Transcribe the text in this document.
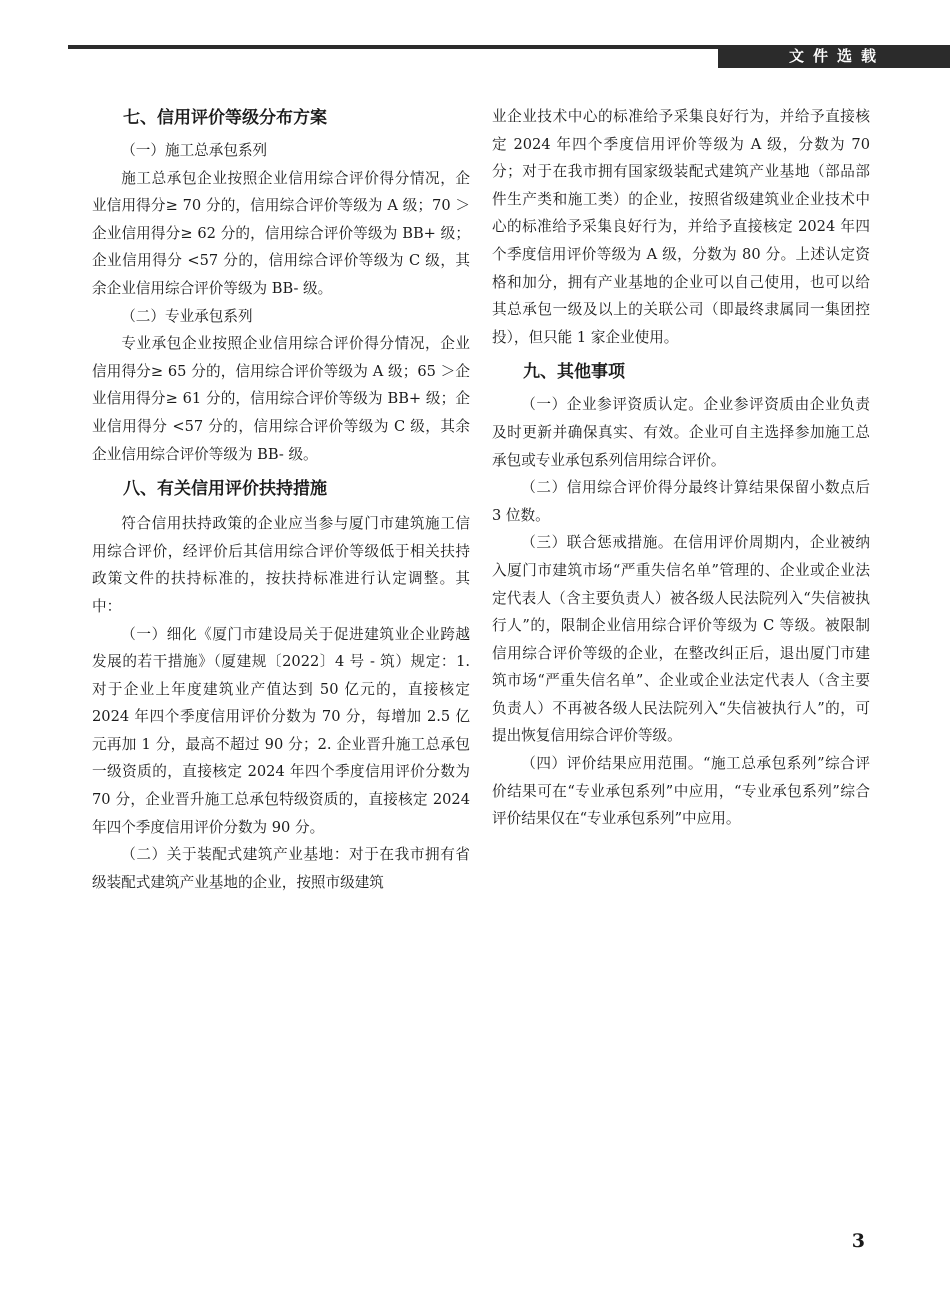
文件选载
七、信用评价等级分布方案

（一）施工总承包系列

施工总承包企业按照企业信用综合评价得分情况，企业信用得分≥ 70 分的，信用综合评价等级为 A 级；70 ＞企业信用得分≥ 62 分的，信用综合评价等级为 BB+ 级；企业信用得分 <57 分的，信用综合评价等级为 C 级，其余企业信用综合评价等级为 BB- 级。

（二）专业承包系列

专业承包企业按照企业信用综合评价得分情况，企业信用得分≥ 65 分的，信用综合评价等级为 A 级；65 ＞企业信用得分≥ 61 分的，信用综合评价等级为 BB+ 级；企业信用得分 <57 分的，信用综合评价等级为 C 级，其余企业信用综合评价等级为 BB- 级。

八、有关信用评价扶持措施

符合信用扶持政策的企业应当参与厦门市建筑施工信用综合评价，经评价后其信用综合评价等级低于相关扶持政策文件的扶持标准的，按扶持标准进行认定调整。其中：

（一）细化《厦门市建设局关于促进建筑业企业跨越发展的若干措施》（厦建规〔2022〕4 号 - 筑）规定：1. 对于企业上年度建筑业产值达到 50 亿元的，直接核定 2024 年四个季度信用评价分数为 70 分，每增加 2.5 亿元再加 1 分，最高不超过 90 分；2. 企业晋升施工总承包一级资质的，直接核定 2024 年四个季度信用评价分数为 70 分，企业晋升施工总承包特级资质的，直接核定 2024 年四个季度信用评价分数为 90 分。

（二）关于装配式建筑产业基地：对于在我市拥有省级装配式建筑产业基地的企业，按照市级建筑

业企业技术中心的标准给予采集良好行为，并给予直接核定 2024 年四个季度信用评价等级为 A 级，分数为 70 分；对于在我市拥有国家级装配式建筑产业基地（部品部件生产类和施工类）的企业，按照省级建筑业企业技术中心的标准给予采集良好行为，并给予直接核定 2024 年四个季度信用评价等级为 A 级，分数为 80 分。上述认定资格和加分，拥有产业基地的企业可以自己使用，也可以给其总承包一级及以上的关联公司（即最终隶属同一集团控投），但只能 1 家企业使用。

九、其他事项

（一）企业参评资质认定。企业参评资质由企业负责及时更新并确保真实、有效。企业可自主选择参加施工总承包或专业承包系列信用综合评价。

（二）信用综合评价得分最终计算结果保留小数点后 3 位数。

（三）联合惩戒措施。在信用评价周期内，企业被纳入厦门市建筑市场“严重失信名单”管理的、企业或企业法定代表人（含主要负责人）被各级人民法院列入“失信被执行人”的，限制企业信用综合评价等级为 C 等级。被限制信用综合评价等级的企业，在整改纠正后，退出厦门市建筑市场“严重失信名单”、企业或企业法定代表人（含主要负责人）不再被各级人民法院列入“失信被执行人”的，可提出恢复信用综合评价等级。

（四）评价结果应用范围。“施工总承包系列”综合评价结果可在“专业承包系列”中应用，“专业承包系列”综合评价结果仅在“专业承包系列”中应用。

3
